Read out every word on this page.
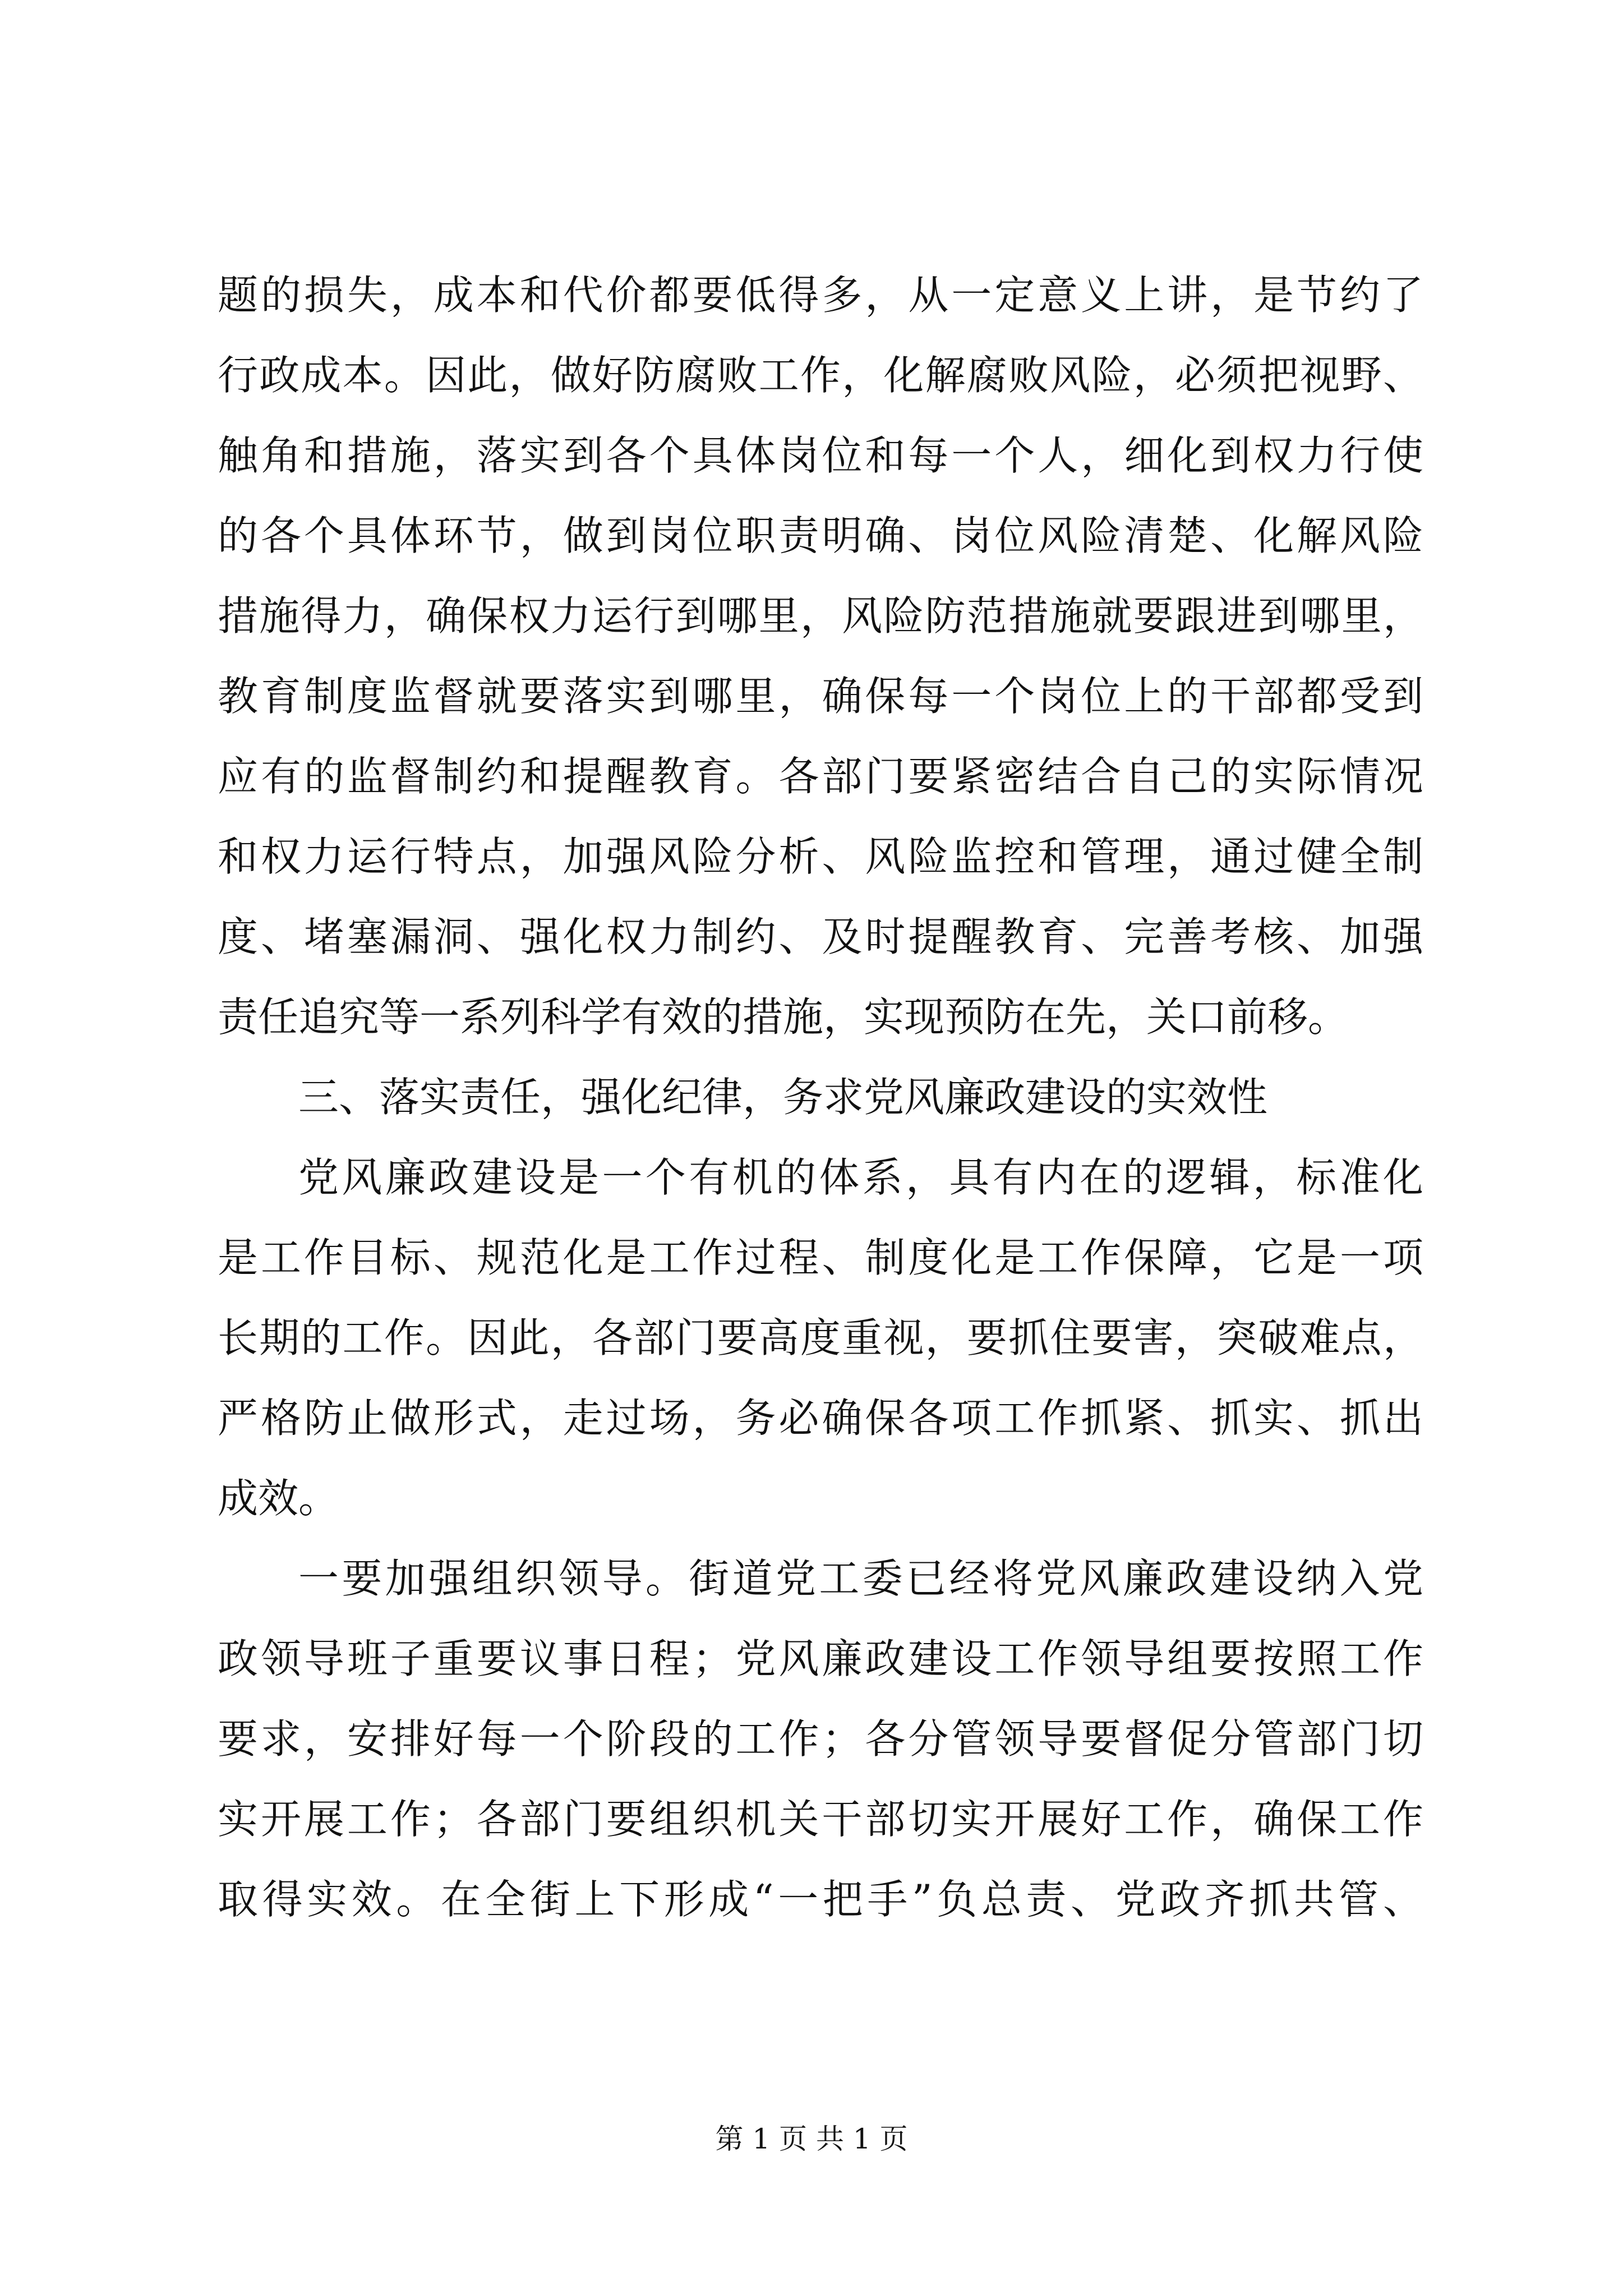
题的损失，成本和代价都要低得多，从一定意义上讲，是节约了
行政成本。因此，做好防腐败工作，化解腐败风险，必须把视野、
触角和措施，落实到各个具体岗位和每一个人，细化到权力行使
的各个具体环节，做到岗位职责明确、岗位风险清楚、化解风险
措施得力，确保权力运行到哪里，风险防范措施就要跟进到哪里，
教育制度监督就要落实到哪里，确保每一个岗位上的干部都受到
应有的监督制约和提醒教育。各部门要紧密结合自己的实际情况
和权力运行特点，加强风险分析、风险监控和管理，通过健全制
度、堵塞漏洞、强化权力制约、及时提醒教育、完善考核、加强
责任追究等一系列科学有效的措施，实现预防在先，关口前移。
三、落实责任，强化纪律，务求党风廉政建设的实效性
党风廉政建设是一个有机的体系，具有内在的逻辑，标准化
是工作目标、规范化是工作过程、制度化是工作保障，它是一项
长期的工作。因此，各部门要高度重视，要抓住要害，突破难点，
严格防止做形式，走过场，务必确保各项工作抓紧、抓实、抓出
成效。
一要加强组织领导。街道党工委已经将党风廉政建设纳入党
政领导班子重要议事日程；党风廉政建设工作领导组要按照工作
要求，安排好每一个阶段的工作；各分管领导要督促分管部门切
实开展工作；各部门要组织机关干部切实开展好工作，确保工作
取得实效。在全街上下形成“一把手”负总责、党政齐抓共管、
第 1 页 共 1 页
